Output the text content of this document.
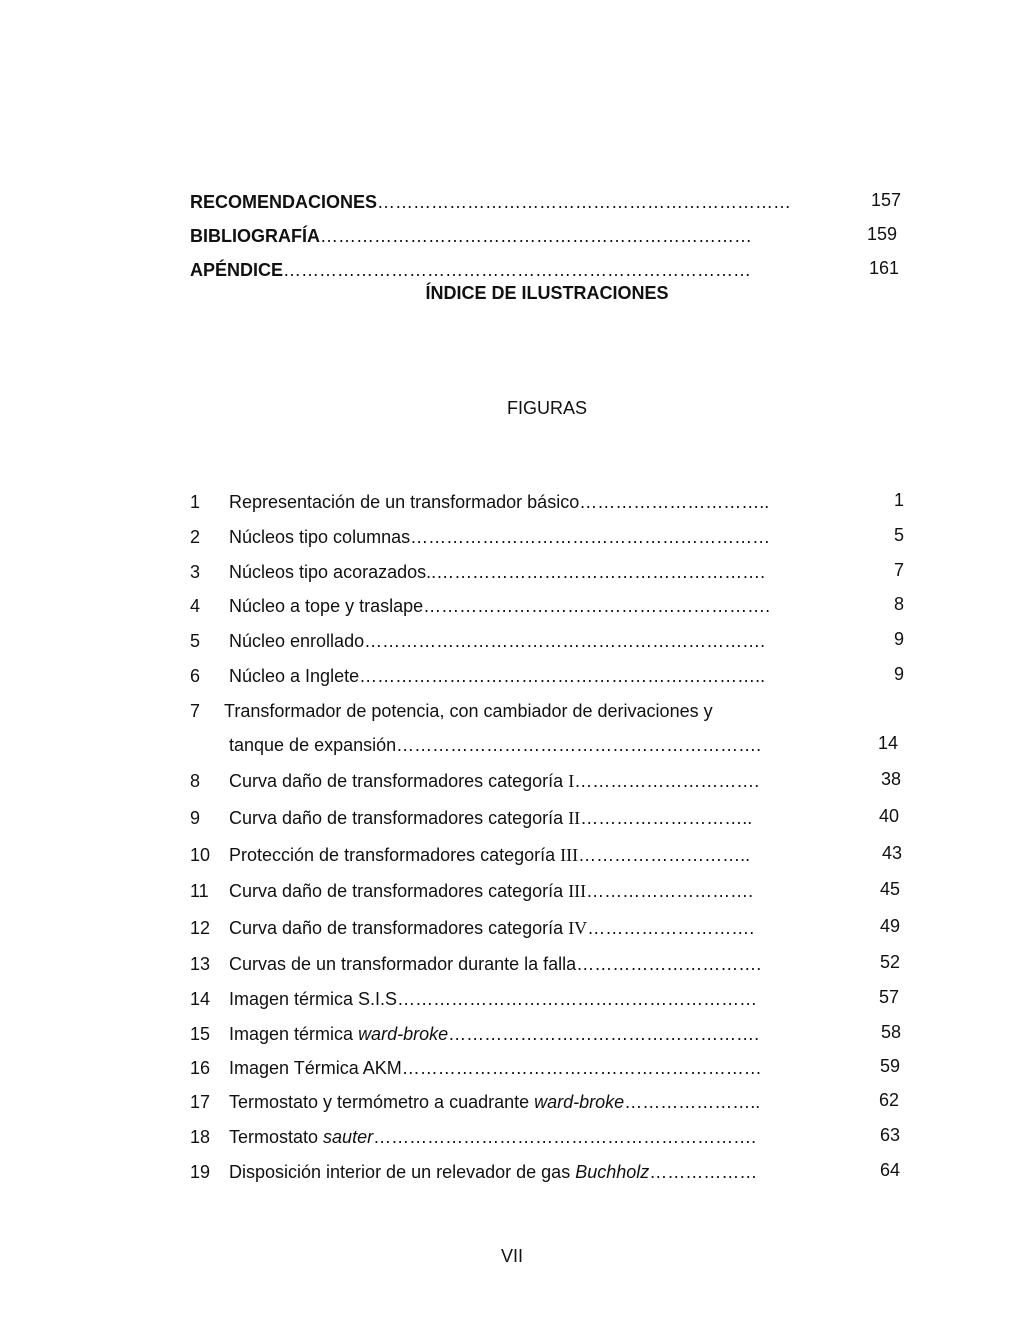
RECOMENDACIONES……………………………………………………………	157
BIBLIOGRAFÍA………………………………………………………………	159
APÉNDICE……………………………………………………………………	161
ÍNDICE DE ILUSTRACIONES
FIGURAS
1 Representación de un transformador básico…………………………..	1
2 Núcleos tipo columnas……………………………………………………	5
3 Núcleos tipo acorazados..……………………………………………….	7
4 Núcleo a tope y traslape………………………………………………….	8
5 Núcleo enrollado………………………………………………………….	9
6 Núcleo a Inglete…………………………………………………………..	9
7 Transformador de potencia, con cambiador de derivaciones y
tanque de expansión…………………………………………………….	14
8 Curva daño de transformadores categoría I………………………….	38
9 Curva daño de transformadores categoría II………………………..	40
10 Protección de transformadores categoría III………………………..	43
11 Curva daño de transformadores categoría III……………………….	45
12 Curva daño de transformadores categoría IV……………………….	49
13 Curvas de un transformador durante la falla………………………….	52
14 Imagen térmica S.I.S……………………………………………………	57
15 Imagen térmica ward-broke…………………………………………….	58
16 Imagen Térmica AKM……………………………………………………	59
17 Termostato y termómetro a cuadrante ward-broke…………………..	62
18 Termostato sauter……………………………………………………….	63
19 Disposición interior de un relevador de gas Buchholz………………	64
VII
